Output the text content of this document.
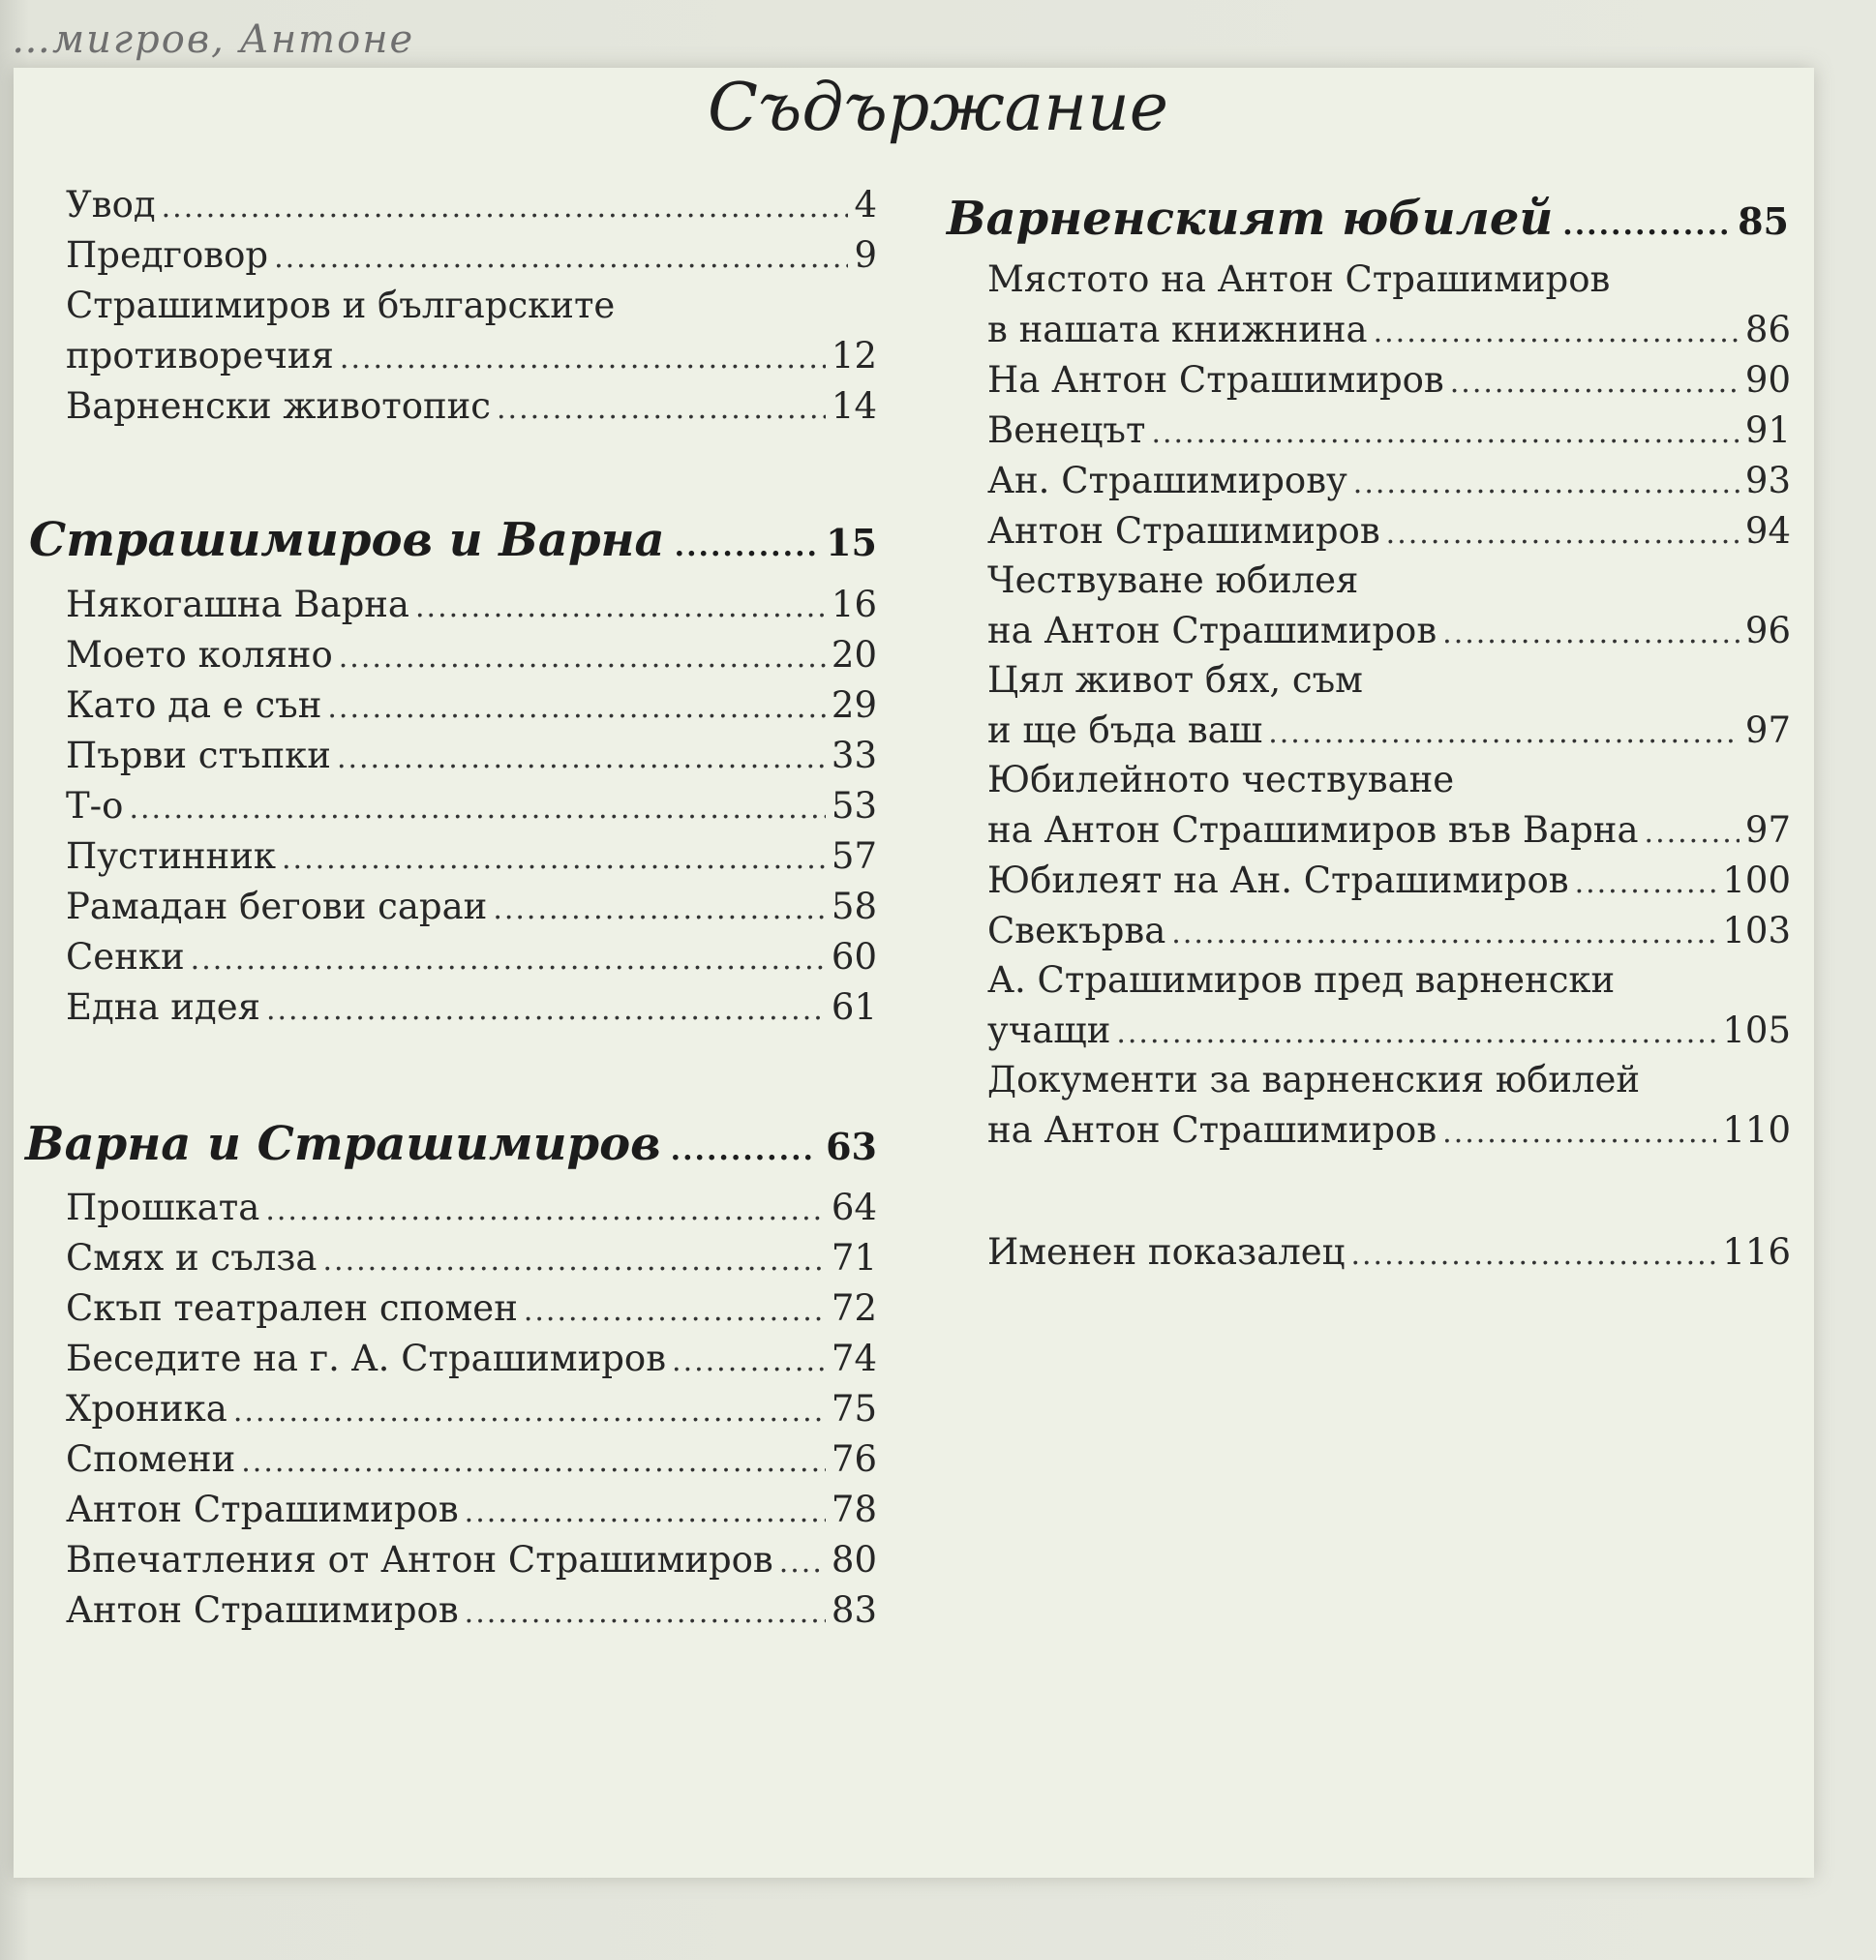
…мигров, Антоне
Съдържание
Увод .....	4
Предговор .....	9
Страшимиров и българските
противоречия .....	12
Варненски животопис .....	14
Страшимиров и Варна .....	15
Някогашна Варна .....	16
Моето коляно .....	20
Като да е сън .....	29
Първи стъпки .....	33
Т-о .....	53
Пустинник .....	57
Рамадан бегови сараи .....	58
Сенки .....	60
Една идея .....	61
Варна и Страшимиров .....	63
Прошката .....	64
Смях и сълза .....	71
Скъп театрален спомен .....	72
Беседите на г. А. Страшимиров .....	74
Хроника .....	75
Спомени .....	76
Антон Страшимиров .....	78
Впечатления от Антон Страшимиров ..... 80
Антон Страшимиров .....	83
Варненският юбилей .....	85
Мястото на Антон Страшимиров
в нашата книжнина .....	86
На Антон Страшимиров .....	90
Венецът .....	91
Ан. Страшимирову .....	93
Антон Страшимиров .....	94
Чествуване юбилея
на Антон Страшимиров .....	96
Цял живот бях, съм
и ще бъда ваш .....	97
Юбилейното чествуване
на Антон Страшимиров във Варна .....	97
Юбилеят на Ан. Страшимиров .....	100
Свекърва .....	103
А. Страшимиров пред варненски
учащи .....	105
Документи за варненския юбилей
на Антон Страшимиров .....	110
Именен показалец .....	116
